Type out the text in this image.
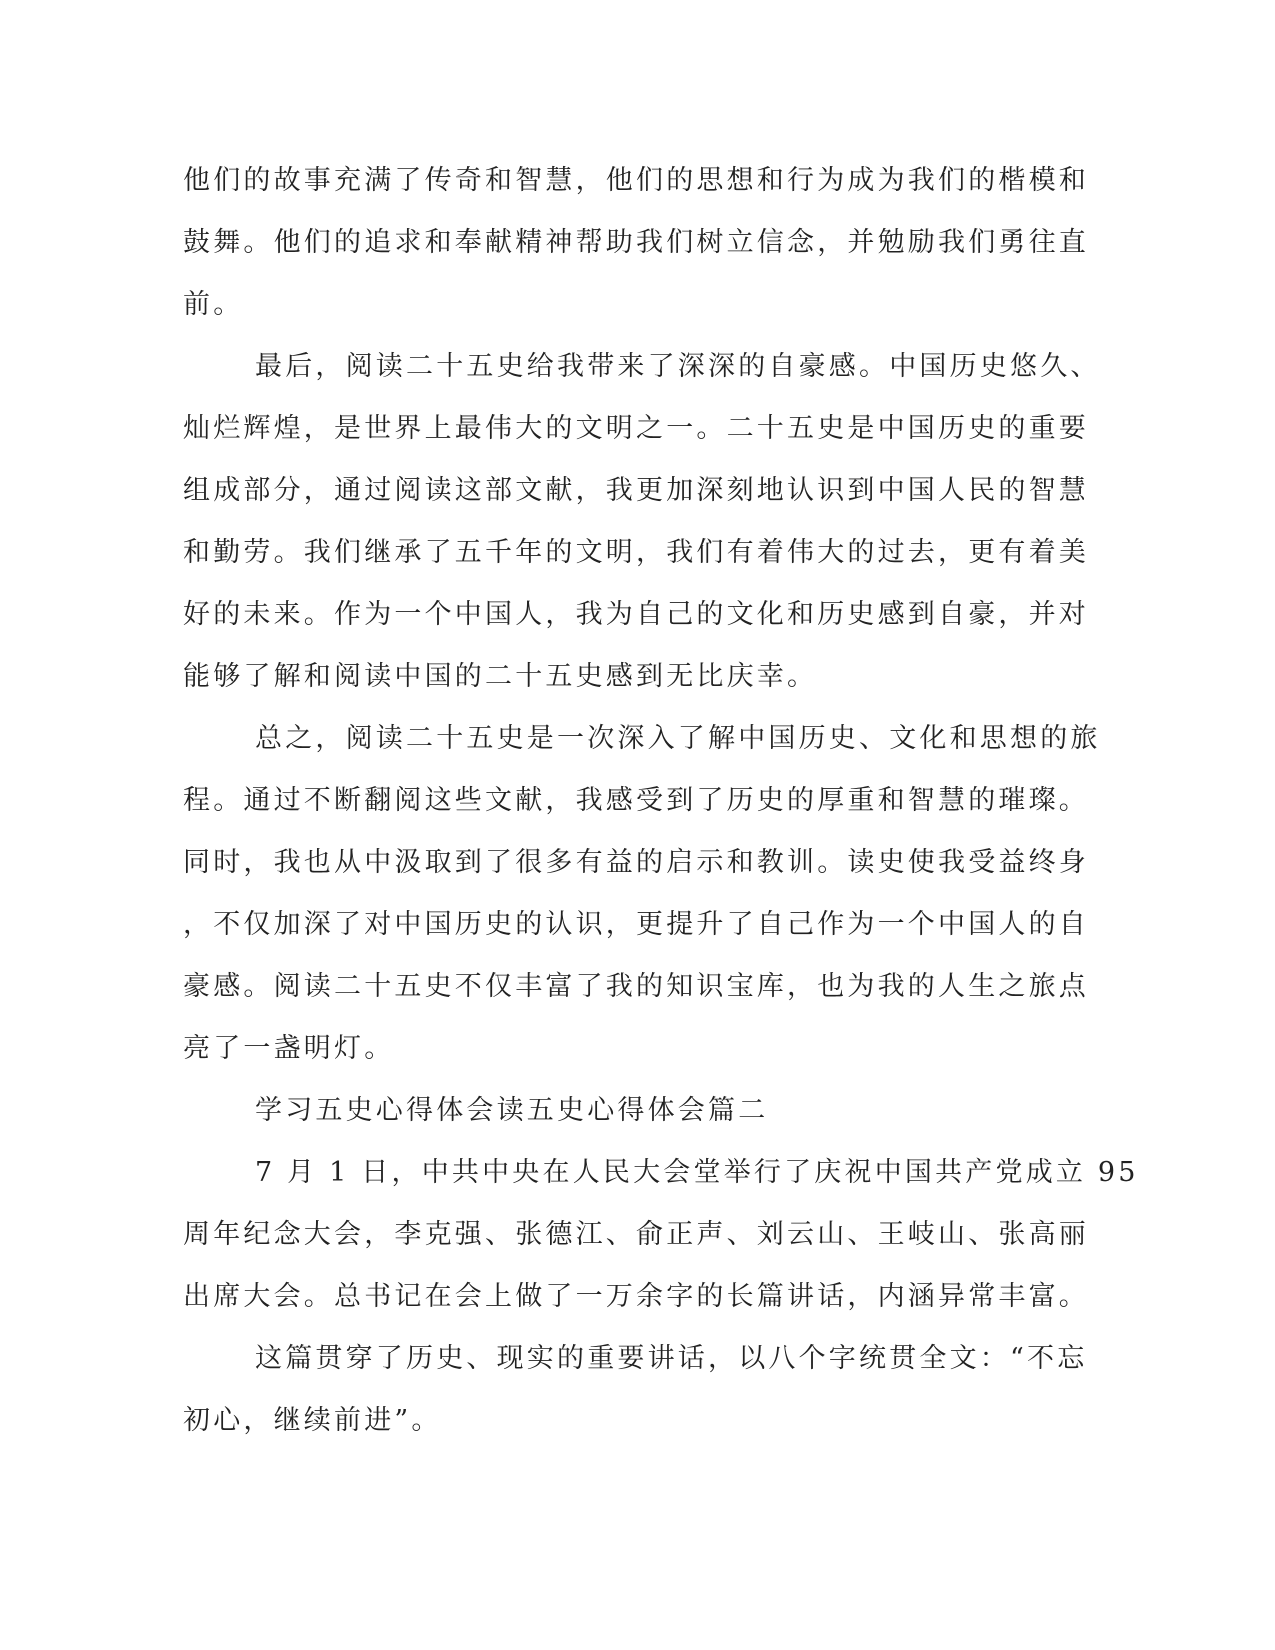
他们的故事充满了传奇和智慧，他们的思想和行为成为我们的楷模和
鼓舞。他们的追求和奉献精神帮助我们树立信念，并勉励我们勇往直
前。

最后，阅读二十五史给我带来了深深的自豪感。中国历史悠久、
灿烂辉煌，是世界上最伟大的文明之一。二十五史是中国历史的重要
组成部分，通过阅读这部文献，我更加深刻地认识到中国人民的智慧
和勤劳。我们继承了五千年的文明，我们有着伟大的过去，更有着美
好的未来。作为一个中国人，我为自己的文化和历史感到自豪，并对
能够了解和阅读中国的二十五史感到无比庆幸。

总之，阅读二十五史是一次深入了解中国历史、文化和思想的旅
程。通过不断翻阅这些文献，我感受到了历史的厚重和智慧的璀璨。
同时，我也从中汲取到了很多有益的启示和教训。读史使我受益终身
，不仅加深了对中国历史的认识，更提升了自己作为一个中国人的自
豪感。阅读二十五史不仅丰富了我的知识宝库，也为我的人生之旅点
亮了一盏明灯。

学习五史心得体会读五史心得体会篇二

7 月 1 日，中共中央在人民大会堂举行了庆祝中国共产党成立 95
周年纪念大会，李克强、张德江、俞正声、刘云山、王岐山、张高丽
出席大会。总书记在会上做了一万余字的长篇讲话，内涵异常丰富。

这篇贯穿了历史、现实的重要讲话，以八个字统贯全文：“不忘
初心，继续前进”。
